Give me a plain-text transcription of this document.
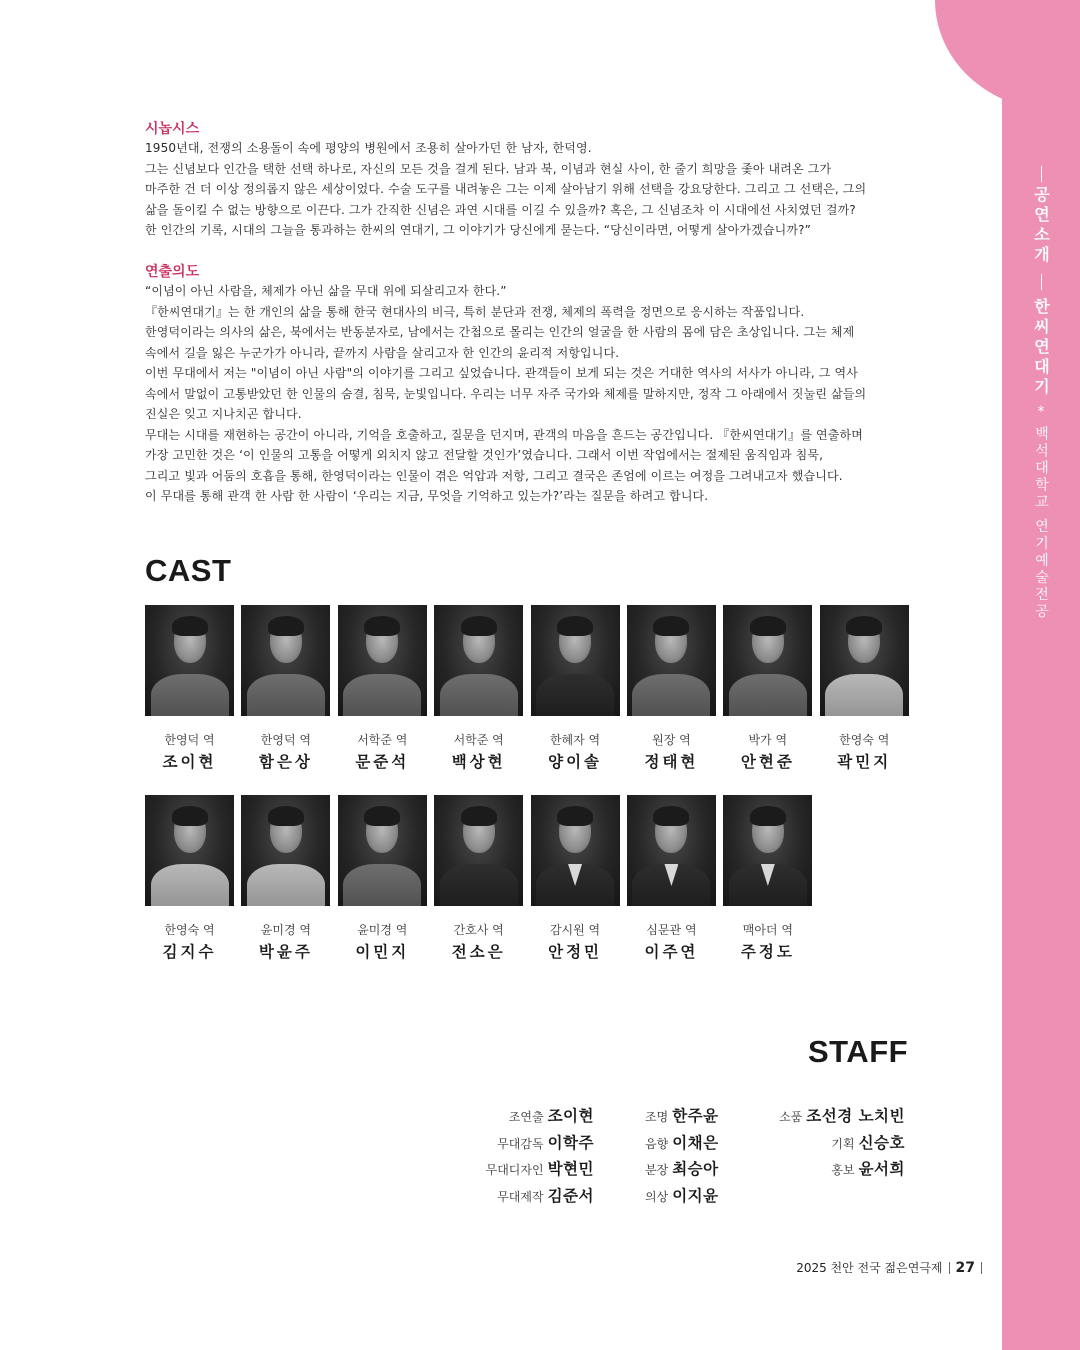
공연소개
한씨연대기
*
백석대학교 연기예술전공
시놉시스
1950년대, 전쟁의 소용돌이 속에 평양의 병원에서 조용히 살아가던 한 남자, 한덕영.
그는 신념보다 인간을 택한 선택 하나로, 자신의 모든 것을 걸게 된다. 남과 북, 이념과 현실 사이, 한 줄기 희망을 좇아 내려온 그가
마주한 건 더 이상 정의롭지 않은 세상이었다. 수술 도구를 내려놓은 그는 이제 살아남기 위해 선택을 강요당한다. 그리고 그 선택은, 그의
삶을 돌이킬 수 없는 방향으로 이끈다. 그가 간직한 신념은 과연 시대를 이길 수 있을까? 혹은, 그 신념조차 이 시대에선 사치였던 걸까?
한 인간의 기록, 시대의 그늘을 통과하는 한씨의 연대기, 그 이야기가 당신에게 묻는다. “당신이라면, 어떻게 살아가겠습니까?”
연출의도
“이념이 아닌 사람을, 체제가 아닌 삶을 무대 위에 되살리고자 한다.”
『한씨연대기』는 한 개인의 삶을 통해 한국 현대사의 비극, 특히 분단과 전쟁, 체제의 폭력을 정면으로 응시하는 작품입니다.
한영덕이라는 의사의 삶은, 북에서는 반동분자로, 남에서는 간첩으로 몰리는 인간의 얼굴을 한 사람의 몸에 담은 초상입니다. 그는 체제
속에서 길을 잃은 누군가가 아니라, 끝까지 사람을 살리고자 한 인간의 윤리적 저항입니다.
이번 무대에서 저는 "이념이 아닌 사람"의 이야기를 그리고 싶었습니다. 관객들이 보게 되는 것은 거대한 역사의 서사가 아니라, 그 역사
속에서 말없이 고통받았던 한 인물의 숨결, 침묵, 눈빛입니다. 우리는 너무 자주 국가와 체제를 말하지만, 정작 그 아래에서 짓눌린 삶들의
진실은 잊고 지나치곤 합니다.
무대는 시대를 재현하는 공간이 아니라, 기억을 호출하고, 질문을 던지며, 관객의 마음을 흔드는 공간입니다. 『한씨연대기』를 연출하며
가장 고민한 것은 ‘이 인물의 고통을 어떻게 외치지 않고 전달할 것인가’였습니다. 그래서 이번 작업에서는 절제된 움직임과 침묵,
그리고 빛과 어둠의 호흡을 통해, 한영덕이라는 인물이 겪은 억압과 저항, 그리고 결국은 존엄에 이르는 여정을 그려내고자 했습니다.
이 무대를 통해 관객 한 사람 한 사람이 ‘우리는 지금, 무엇을 기억하고 있는가?’라는 질문을 하려고 합니다.
CAST
한영덕 역
조이현
한영덕 역
함은상
서학준 역
문준석
서학준 역
백상현
한혜자 역
양이솔
원장 역
정태현
박가 역
안현준
한영숙 역
곽민지
한영숙 역
김지수
윤미경 역
박윤주
윤미경 역
이민지
간호사 역
전소은
감시원 역
안정민
심문관 역
이주연
맥아더 역
주정도
STAFF
조연출 조이현
무대감독 이학주
무대디자인 박현민
무대제작 김준서
조명 한주윤
음향 이채은
분장 최승아
의상 이지윤
소품 조선경 노치빈
기획 신승호
홍보 윤서희
2025 천안 전국 젊은연극제 27
